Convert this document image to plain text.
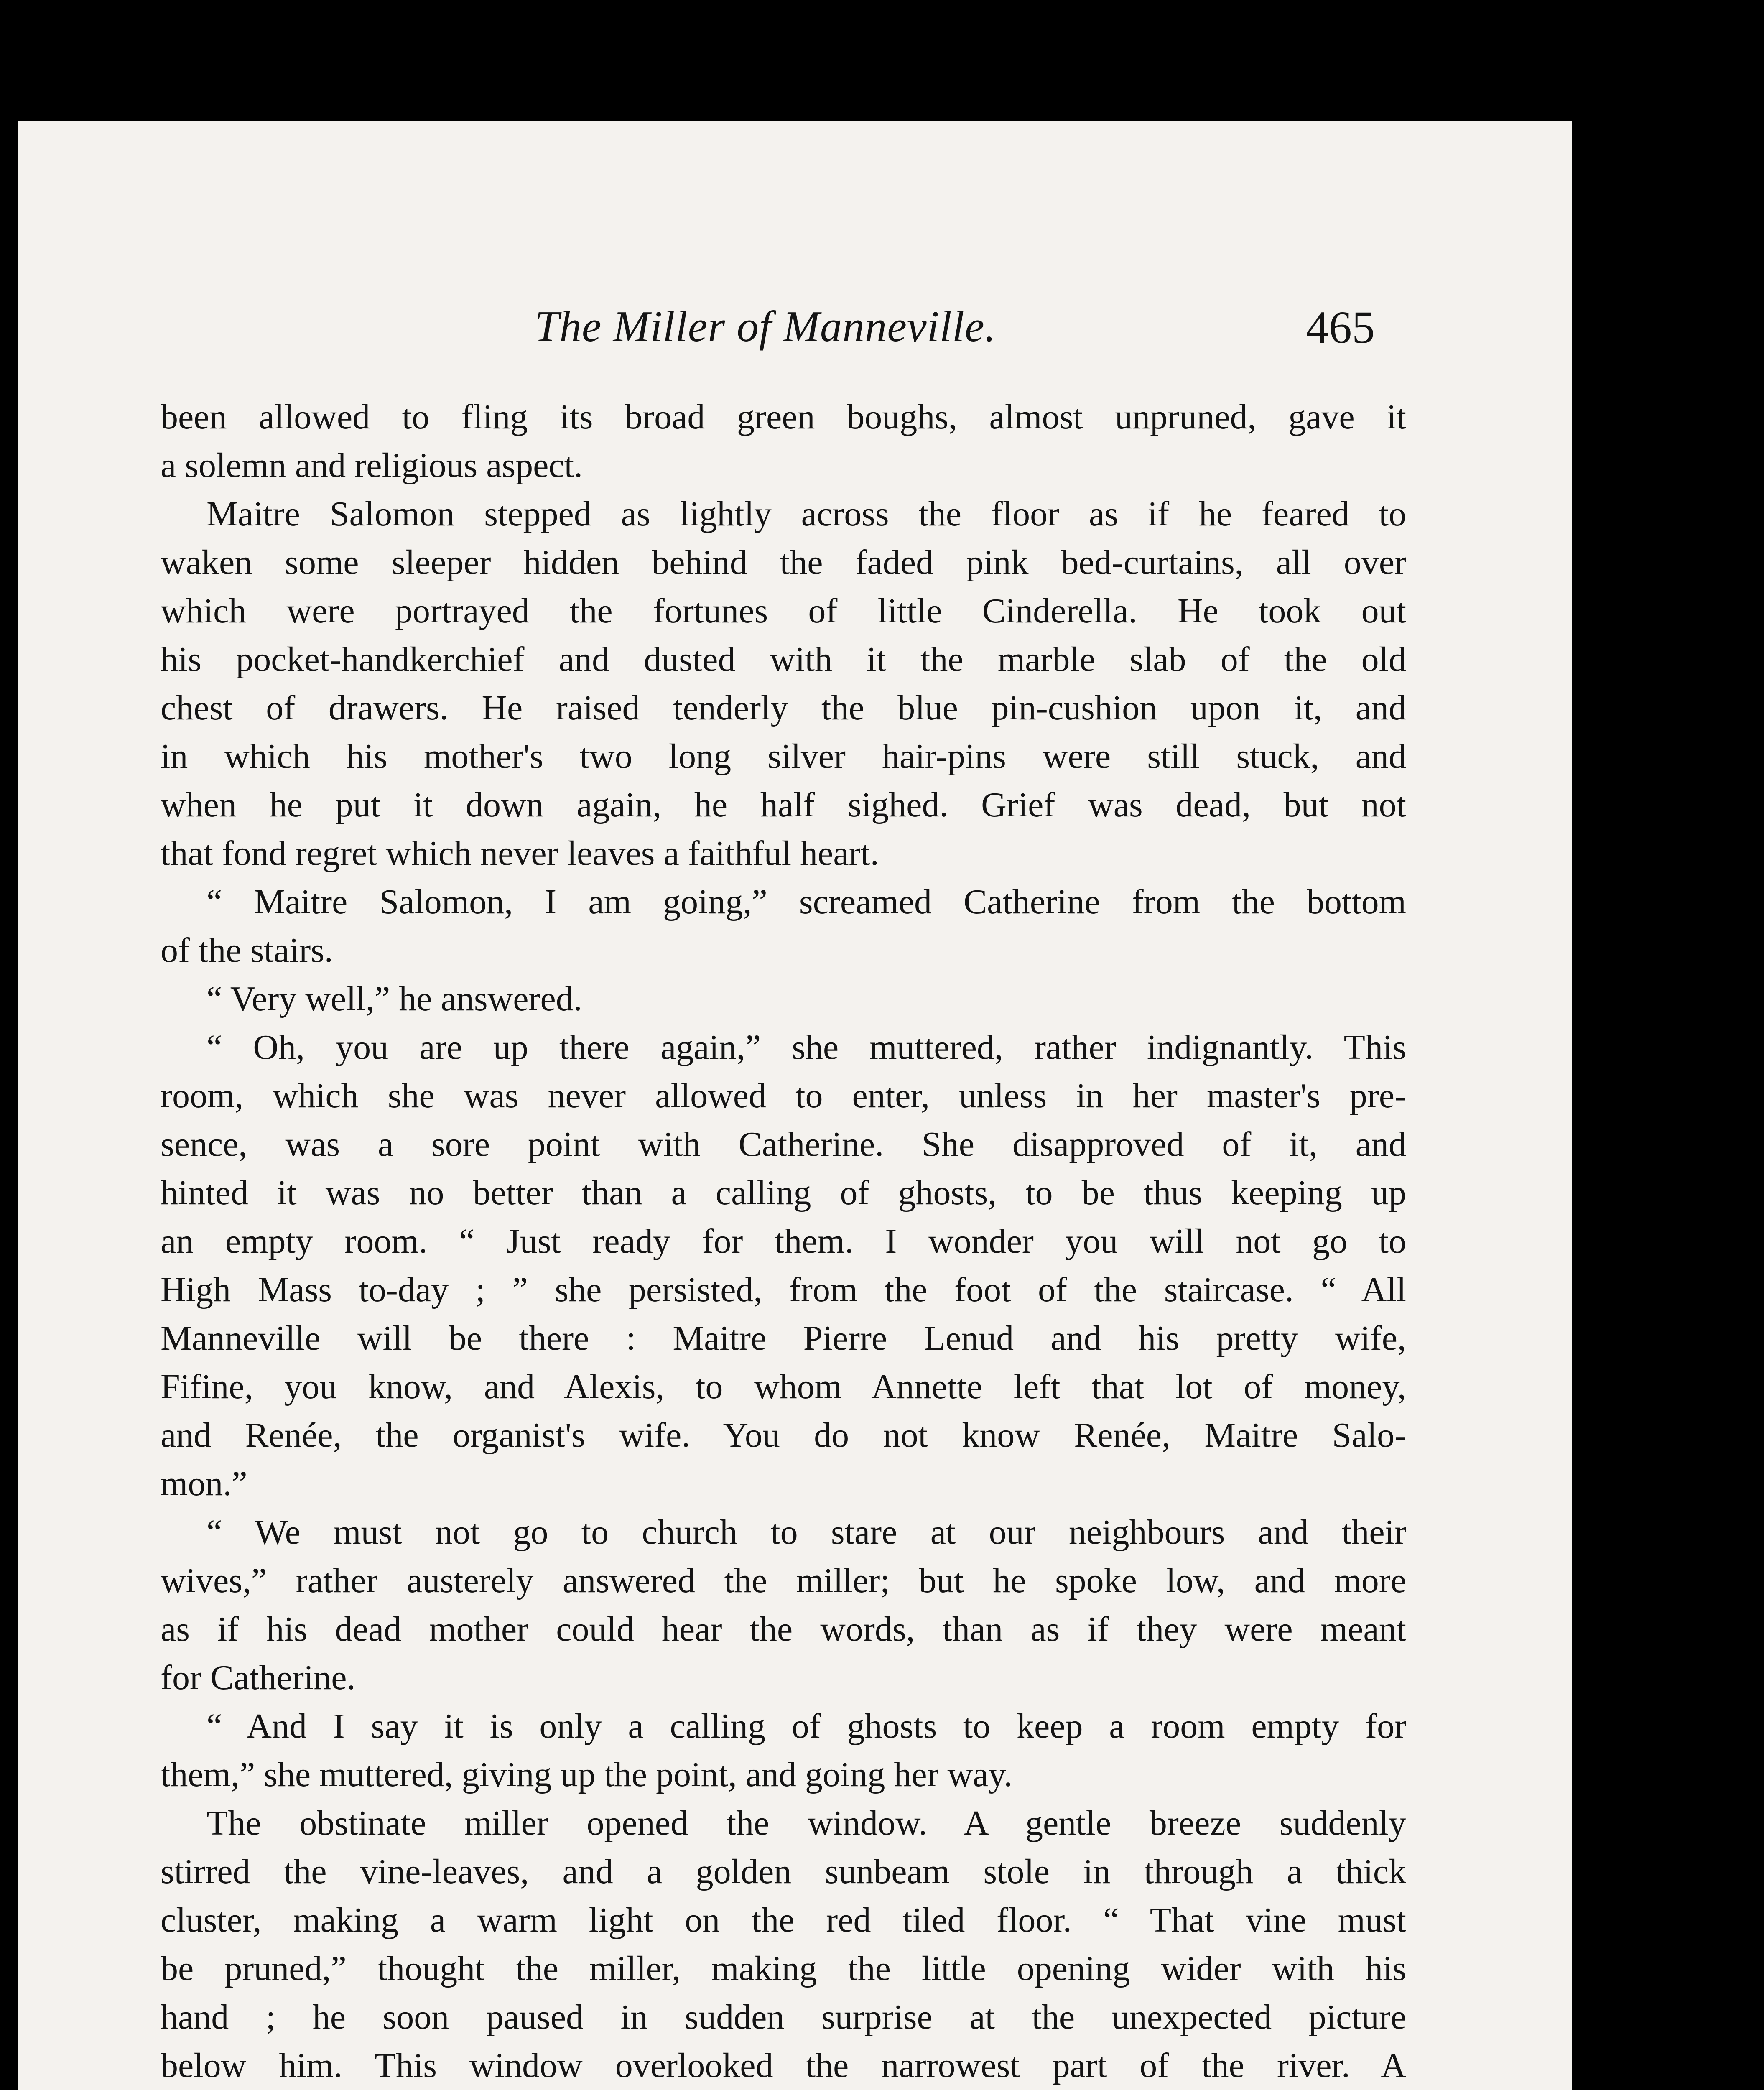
The Miller of Manneville.	465
been allowed to fling its broad green boughs, almost unpruned, gave it
a solemn and religious aspect.
Maitre Salomon stepped as lightly across the floor as if he feared to
waken some sleeper hidden behind the faded pink bed-curtains, all over
which were portrayed the fortunes of little Cinderella. He took out
his pocket-handkerchief and dusted with it the marble slab of the old
chest of drawers. He raised tenderly the blue pin-cushion upon it, and
in which his mother's two long silver hair-pins were still stuck, and
when he put it down again, he half sighed. Grief was dead, but not
that fond regret which never leaves a faithful heart.
“ Maitre Salomon, I am going,” screamed Catherine from the bottom
of the stairs.
“ Very well,” he answered.
“ Oh, you are up there again,” she muttered, rather indignantly. This
room, which she was never allowed to enter, unless in her master's pre-
sence, was a sore point with Catherine. She disapproved of it, and
hinted it was no better than a calling of ghosts, to be thus keeping up
an empty room. “ Just ready for them. I wonder you will not go to
High Mass to-day ; ” she persisted, from the foot of the staircase. “ All
Manneville will be there : Maitre Pierre Lenud and his pretty wife,
Fifine, you know, and Alexis, to whom Annette left that lot of money,
and Renée, the organist's wife. You do not know Renée, Maitre Salo-
mon.”
“ We must not go to church to stare at our neighbours and their
wives,” rather austerely answered the miller; but he spoke low, and more
as if his dead mother could hear the words, than as if they were meant
for Catherine.
“ And I say it is only a calling of ghosts to keep a room empty for
them,” she muttered, giving up the point, and going her way.
The obstinate miller opened the window. A gentle breeze suddenly
stirred the vine-leaves, and a golden sunbeam stole in through a thick
cluster, making a warm light on the red tiled floor. “ That vine must
be pruned,” thought the miller, making the little opening wider with his
hand ; he soon paused in sudden surprise at the unexpected picture
below him. This window overlooked the narrowest part of the river. A
